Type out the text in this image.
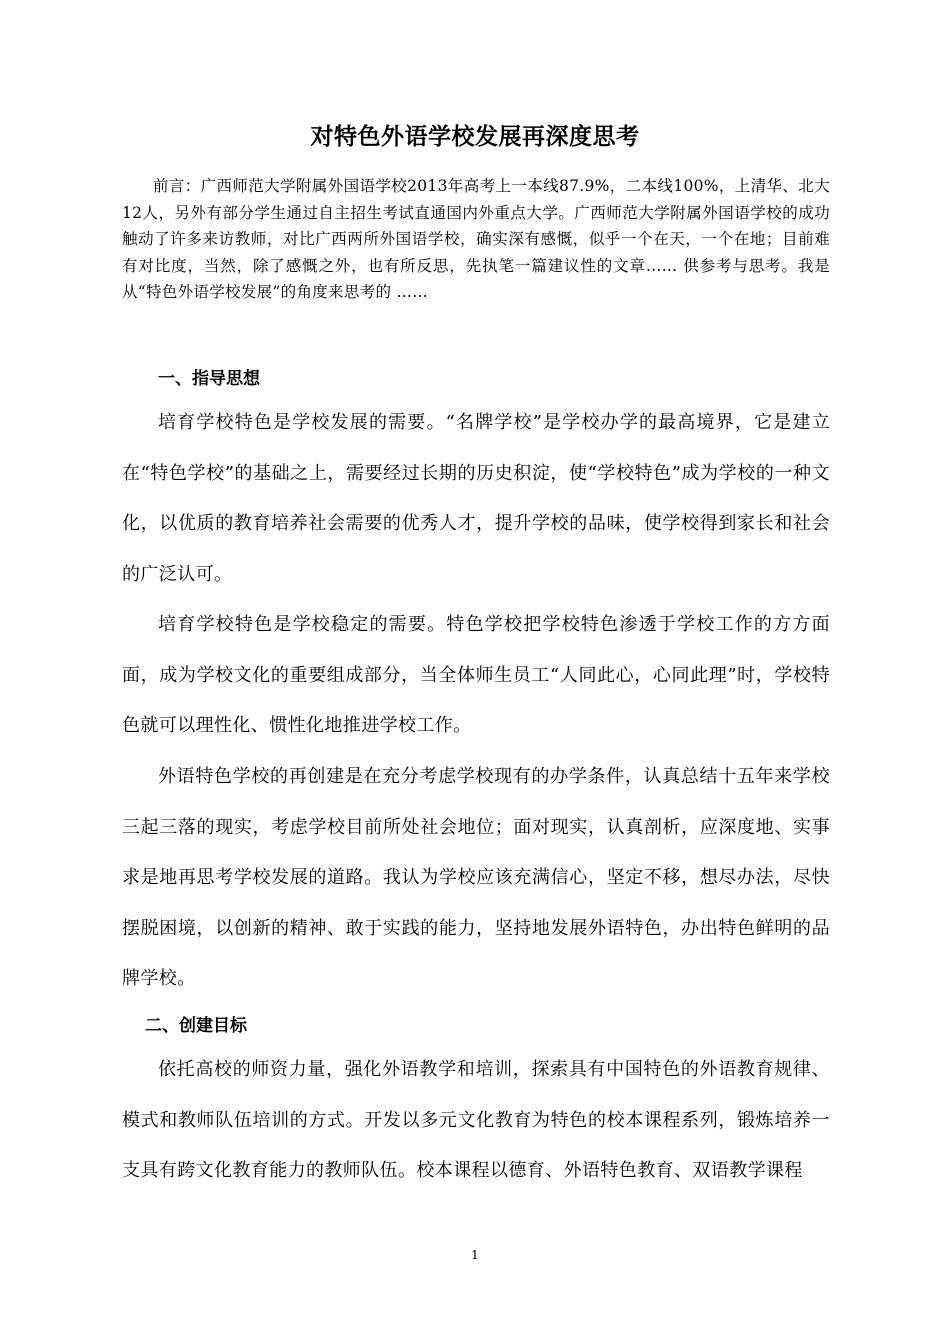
对特色外语学校发展再深度思考
前言：广西师范大学附属外国语学校2013年高考上一本线87.9%，二本线100%，上清华、北大12人，另外有部分学生通过自主招生考试直通国内外重点大学。广西师范大学附属外国语学校的成功触动了许多来访教师，对比广西两所外国语学校，确实深有感慨，似乎一个在天，一个在地；目前难有对比度，当然，除了感慨之外，也有所反思，先执笔一篇建议性的文章…… 供参考与思考。我是从“特色外语学校发展”的角度来思考的 ……
一、指导思想
培育学校特色是学校发展的需要。“名牌学校”是学校办学的最高境界，它是建立在“特色学校”的基础之上，需要经过长期的历史积淀，使“学校特色”成为学校的一种文化，以优质的教育培养社会需要的优秀人才，提升学校的品味，使学校得到家长和社会的广泛认可。
培育学校特色是学校稳定的需要。特色学校把学校特色渗透于学校工作的方方面面，成为学校文化的重要组成部分，当全体师生员工“人同此心，心同此理”时，学校特色就可以理性化、惯性化地推进学校工作。
外语特色学校的再创建是在充分考虑学校现有的办学条件，认真总结十五年来学校三起三落的现实，考虑学校目前所处社会地位；面对现实，认真剖析，应深度地、实事求是地再思考学校发展的道路。我认为学校应该充满信心，坚定不移，想尽办法，尽快摆脱困境，以创新的精神、敢于实践的能力，坚持地发展外语特色，办出特色鲜明的品牌学校。
二、创建目标
依托高校的师资力量，强化外语教学和培训，探索具有中国特色的外语教育规律、模式和教师队伍培训的方式。开发以多元文化教育为特色的校本课程系列，锻炼培养一支具有跨文化教育能力的教师队伍。校本课程以德育、外语特色教育、双语教学课程
1
